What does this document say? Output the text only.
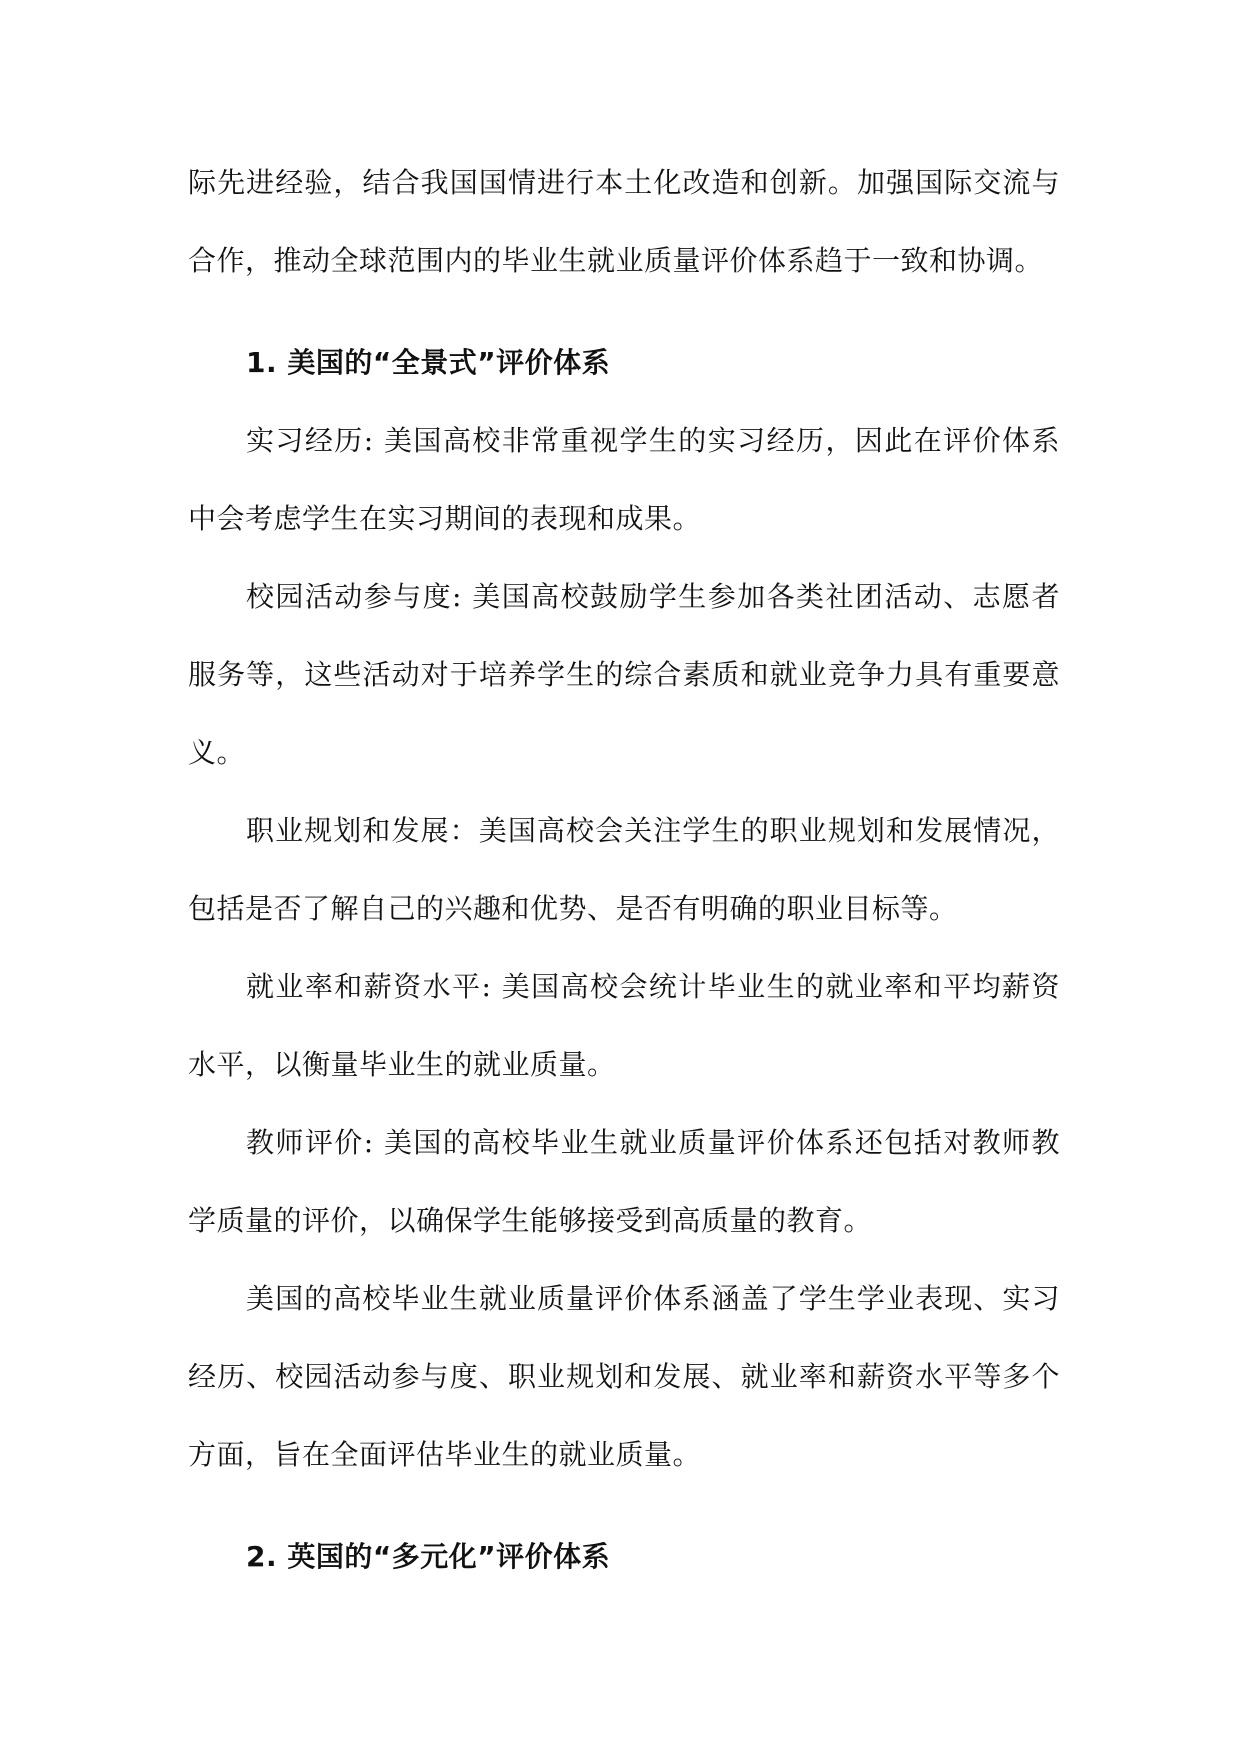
际先进经验，结合我国国情进行本土化改造和创新。加强国际交流与合作，推动全球范围内的毕业生就业质量评价体系趋于一致和协调。

1. 美国的“全景式”评价体系

实习经历: 美国高校非常重视学生的实习经历，因此在评价体系中会考虑学生在实习期间的表现和成果。

校园活动参与度: 美国高校鼓励学生参加各类社团活动、志愿者服务等，这些活动对于培养学生的综合素质和就业竞争力具有重要意义。

职业规划和发展：美国高校会关注学生的职业规划和发展情况，包括是否了解自己的兴趣和优势、是否有明确的职业目标等。

就业率和薪资水平: 美国高校会统计毕业生的就业率和平均薪资水平，以衡量毕业生的就业质量。

教师评价: 美国的高校毕业生就业质量评价体系还包括对教师教学质量的评价，以确保学生能够接受到高质量的教育。

美国的高校毕业生就业质量评价体系涵盖了学生学业表现、实习经历、校园活动参与度、职业规划和发展、就业率和薪资水平等多个方面，旨在全面评估毕业生的就业质量。

2. 英国的“多元化”评价体系
